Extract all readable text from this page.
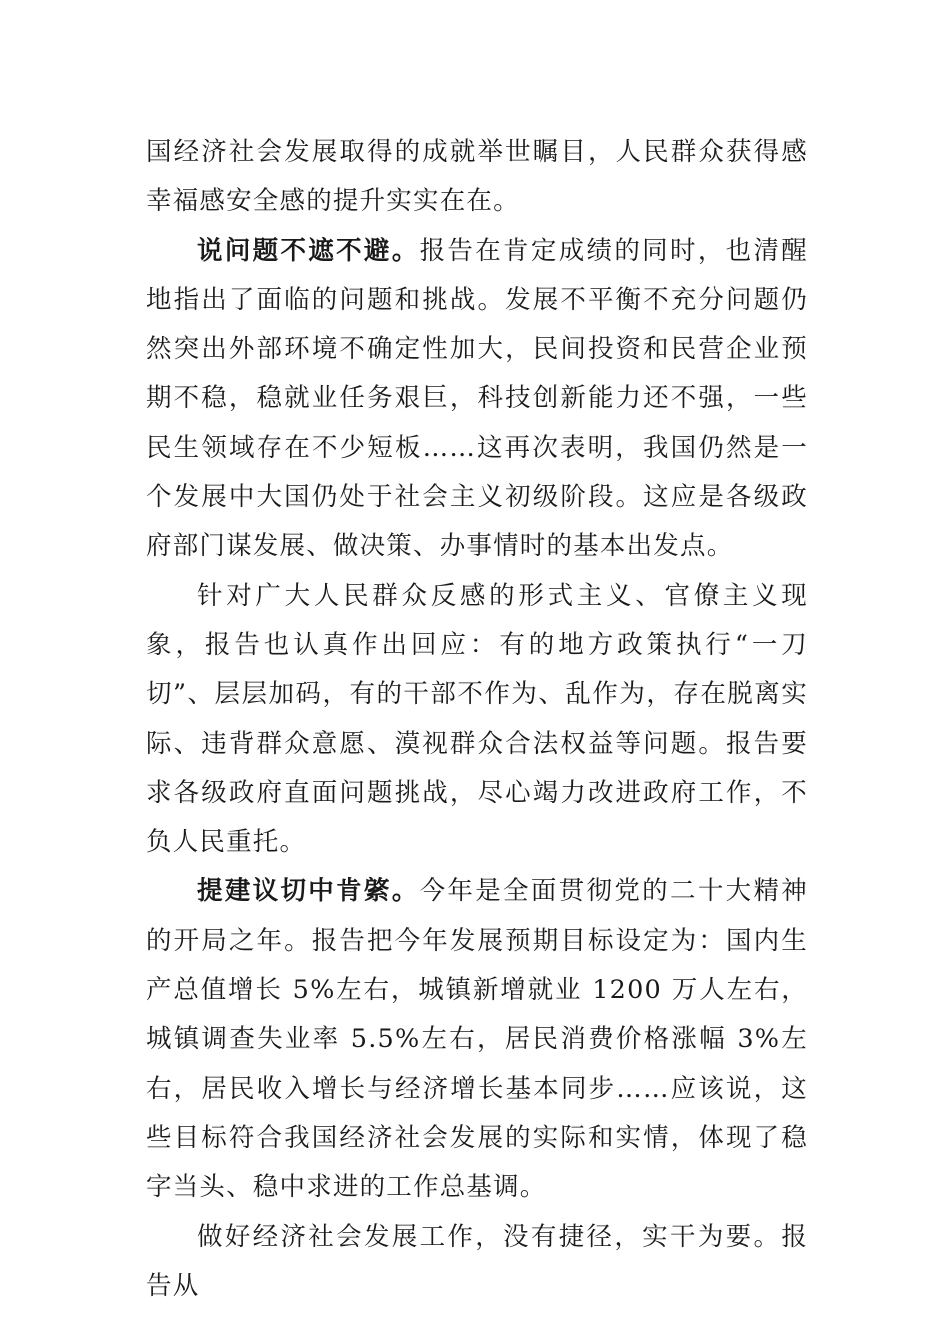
国经济社会发展取得的成就举世瞩目，人民群众获得感幸福感安全感的提升实实在在。

说问题不遮不避。报告在肯定成绩的同时，也清醒地指出了面临的问题和挑战。发展不平衡不充分问题仍然突出外部环境不确定性加大，民间投资和民营企业预期不稳，稳就业任务艰巨，科技创新能力还不强，一些民生领域存在不少短板……这再次表明，我国仍然是一个发展中大国仍处于社会主义初级阶段。这应是各级政府部门谋发展、做决策、办事情时的基本出发点。

针对广大人民群众反感的形式主义、官僚主义现象，报告也认真作出回应：有的地方政策执行“一刀切”、层层加码，有的干部不作为、乱作为，存在脱离实际、违背群众意愿、漠视群众合法权益等问题。报告要求各级政府直面问题挑战，尽心竭力改进政府工作，不负人民重托。

提建议切中肯綮。今年是全面贯彻党的二十大精神的开局之年。报告把今年发展预期目标设定为：国内生产总值增长 5%左右，城镇新增就业 1200 万人左右，城镇调查失业率 5.5%左右，居民消费价格涨幅 3%左右，居民收入增长与经济增长基本同步……应该说，这些目标符合我国经济社会发展的实际和实情，体现了稳字当头、稳中求进的工作总基调。

做好经济社会发展工作，没有捷径，实干为要。报告从
